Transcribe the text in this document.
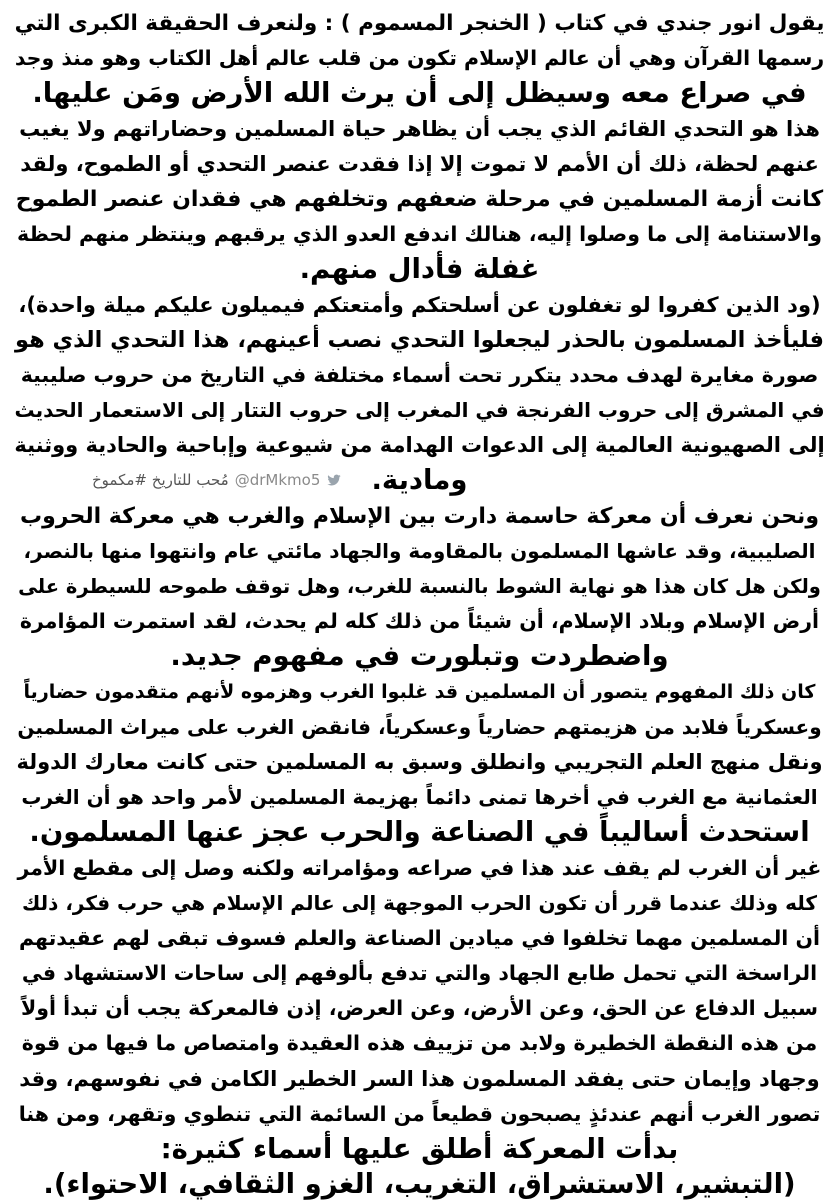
يقول انور جندي في كتاب ( الخنجر المسموم ) : ولنعرف الحقيقة الكبرى التي
رسمها القرآن وهي أن عالم الإسلام تكون من قلب عالم أهل الكتاب وهو منذ وجد
في صراع معه وسيظل إلى أن يرث الله الأرض ومَن عليها.
هذا هو التحدي القائم الذي يجب أن يظاهر حياة المسلمين وحضاراتهم ولا يغيب
عنهم لحظة، ذلك أن الأمم لا تموت إلا إذا فقدت عنصر التحدي أو الطموح، ولقد
كانت أزمة المسلمين في مرحلة ضعفهم وتخلفهم هي فقدان عنصر الطموح
والاستنامة إلى ما وصلوا إليه، هنالك اندفع العدو الذي يرقبهم وينتظر منهم لحظة
غفلة فأدال منهم.
(ود الذين كفروا لو تغفلون عن أسلحتكم وأمتعتكم فيميلون عليكم ميلة واحدة)،
فليأخذ المسلمون بالحذر ليجعلوا التحدي نصب أعينهم، هذا التحدي الذي هو
صورة مغايرة لهدف محدد يتكرر تحت أسماء مختلفة في التاريخ من حروب صليبية
في المشرق إلى حروب الفرنجة في المغرب إلى حروب التتار إلى الاستعمار الحديث
إلى الصهيونية العالمية إلى الدعوات الهدامة من شيوعية وإباحية والحادية ووثنية
ومادية.
مُحب للتاريخ #مكموخ @drMkmo5
ونحن نعرف أن معركة حاسمة دارت بين الإسلام والغرب هي معركة الحروب
الصليبية، وقد عاشها المسلمون بالمقاومة والجهاد مائتي عام وانتهوا منها بالنصر،
ولكن هل كان هذا هو نهاية الشوط بالنسبة للغرب، وهل توقف طموحه للسيطرة على
أرض الإسلام وبلاد الإسلام، أن شيئاً من ذلك كله لم يحدث، لقد استمرت المؤامرة
واضطردت وتبلورت في مفهوم جديد.
كان ذلك المفهوم يتصور أن المسلمين قد غلبوا الغرب وهزموه لأنهم متقدمون حضارياً
وعسكرياً فلابد من هزيمتهم حضارياً وعسكرياً، فانقض الغرب على ميراث المسلمين
ونقل منهج العلم التجريبي وانطلق وسبق به المسلمين حتى كانت معارك الدولة
العثمانية مع الغرب في أخرها تمنى دائماً بهزيمة المسلمين لأمر واحد هو أن الغرب
استحدث أساليباً في الصناعة والحرب عجز عنها المسلمون.
غير أن الغرب لم يقف عند هذا في صراعه ومؤامراته ولكنه وصل إلى مقطع الأمر
كله وذلك عندما قرر أن تكون الحرب الموجهة إلى عالم الإسلام هي حرب فكر، ذلك
أن المسلمين مهما تخلفوا في ميادين الصناعة والعلم فسوف تبقى لهم عقيدتهم
الراسخة التي تحمل طابع الجهاد والتي تدفع بألوفهم إلى ساحات الاستشهاد في
سبيل الدفاع عن الحق، وعن الأرض، وعن العرض، إذن فالمعركة يجب أن تبدأ أولاً
من هذه النقطة الخطيرة ولابد من تزييف هذه العقيدة وامتصاص ما فيها من قوة
وجهاد وإيمان حتى يفقد المسلمون هذا السر الخطير الكامن في نفوسهم، وقد
تصور الغرب أنهم عندئذٍ يصبحون قطيعاً من السائمة التي تنطوي وتقهر، ومن هنا
بدأت المعركة أطلق عليها أسماء كثيرة:
(التبشير، الاستشراق، التغريب، الغزو الثقافي، الاحتواء).
